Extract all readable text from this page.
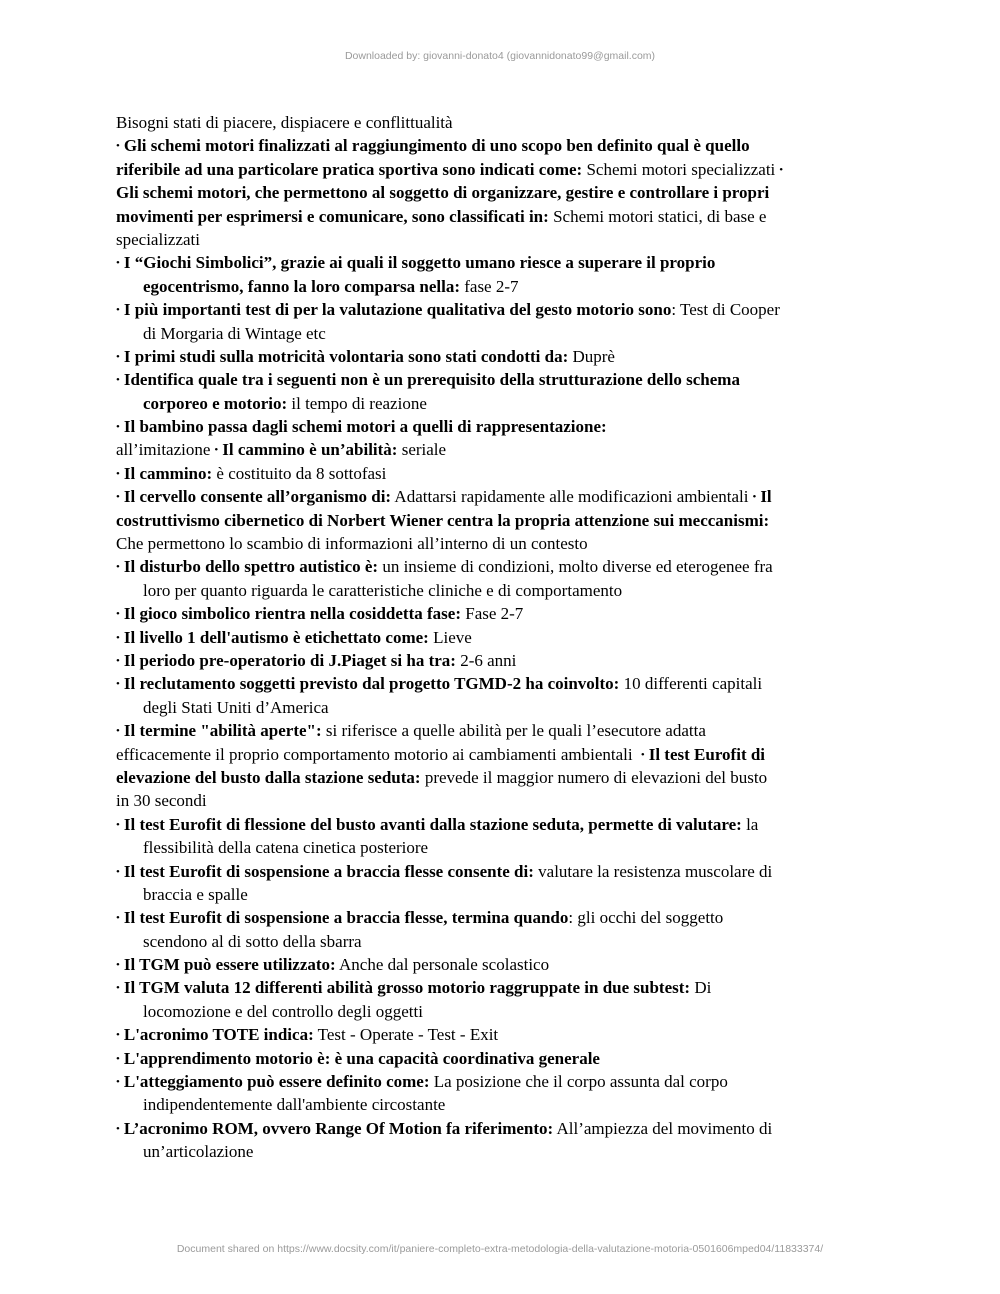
Downloaded by: giovanni-donato4 (giovannidonato99@gmail.com)
Bisogni stati di piacere, dispiacere e conflittualità
• Gli schemi motori finalizzati al raggiungimento di uno scopo ben definito qual è quello
riferibile ad una particolare pratica sportiva sono indicati come: Schemi motori specializzati •
Gli schemi motori, che permettono al soggetto di organizzare, gestire e controllare i propri
movimenti per esprimersi e comunicare, sono classificati in: Schemi motori statici, di base e
specializzati
• I “Giochi Simbolici”, grazie ai quali il soggetto umano riesce a superare il proprio
egocentrismo, fanno la loro comparsa nella: fase 2-7
• I più importanti test di per la valutazione qualitativa del gesto motorio sono: Test di Cooper
di Morgaria di Wintage etc
• I primi studi sulla motricità volontaria sono stati condotti da: Duprè
• Identifica quale tra i seguenti non è un prerequisito della strutturazione dello schema
corporeo e motorio: il tempo di reazione
• Il bambino passa dagli schemi motori a quelli di rappresentazione:
all’imitazione • Il cammino è un’abilità: seriale
• Il cammino: è costituito da 8 sottofasi
• Il cervello consente all’organismo di: Adattarsi rapidamente alle modificazioni ambientali • Il
costruttivismo cibernetico di Norbert Wiener centra la propria attenzione sui meccanismi:
Che permettono lo scambio di informazioni all’interno di un contesto
• Il disturbo dello spettro autistico è: un insieme di condizioni, molto diverse ed eterogenee fra
loro per quanto riguarda le caratteristiche cliniche e di comportamento
• Il gioco simbolico rientra nella cosiddetta fase: Fase 2-7
• Il livello 1 dell'autismo è etichettato come: Lieve
• Il periodo pre-operatorio di J.Piaget si ha tra: 2-6 anni
• Il reclutamento soggetti previsto dal progetto TGMD-2 ha coinvolto: 10 differenti capitali
degli Stati Uniti d’America
• Il termine "abilità aperte": si riferisce a quelle abilità per le quali l’esecutore adatta
efficacemente il proprio comportamento motorio ai cambiamenti ambientali • Il test Eurofit di
elevazione del busto dalla stazione seduta: prevede il maggior numero di elevazioni del busto
in 30 secondi
• Il test Eurofit di flessione del busto avanti dalla stazione seduta, permette di valutare: la
flessibilità della catena cinetica posteriore
• Il test Eurofit di sospensione a braccia flesse consente di: valutare la resistenza muscolare di
braccia e spalle
• Il test Eurofit di sospensione a braccia flesse, termina quando: gli occhi del soggetto
scendono al di sotto della sbarra
• Il TGM può essere utilizzato: Anche dal personale scolastico
• Il TGM valuta 12 differenti abilità grosso motorio raggruppate in due subtest: Di
locomozione e del controllo degli oggetti
• L'acronimo TOTE indica: Test - Operate - Test - Exit
• L'apprendimento motorio è: è una capacità coordinativa generale
• L'atteggiamento può essere definito come: La posizione che il corpo assunta dal corpo
indipendentemente dall'ambiente circostante
• L’acronimo ROM, ovvero Range Of Motion fa riferimento: All’ampiezza del movimento di
un’articolazione
Document shared on https://www.docsity.com/it/paniere-completo-extra-metodologia-della-valutazione-motoria-0501606mped04/11833374/
